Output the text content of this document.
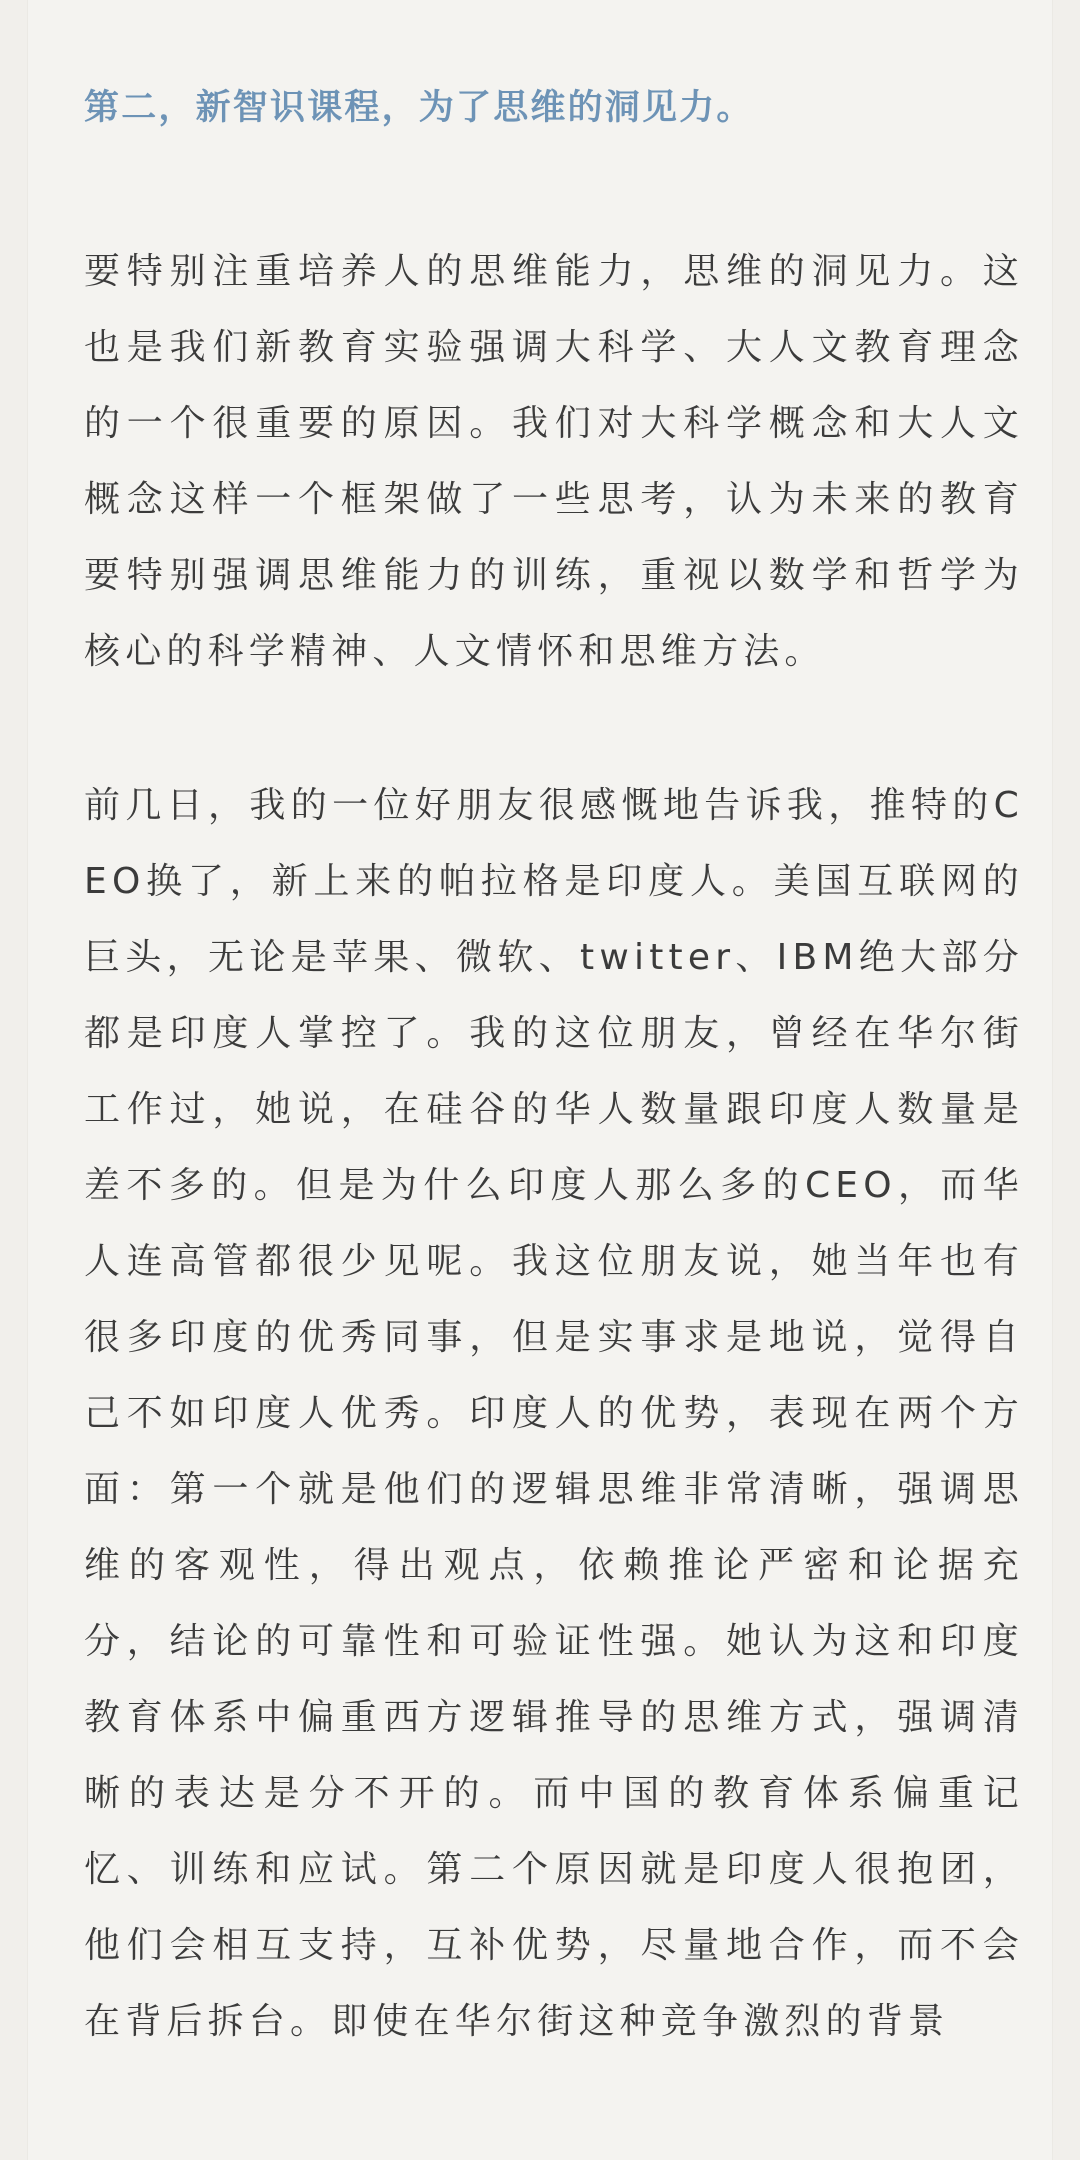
第二，新智识课程，为了思维的洞见力。

要特别注重培养人的思维能力，思维的洞见力。这也是我们新教育实验强调大科学、大人文教育理念的一个很重要的原因。我们对大科学概念和大人文概念这样一个框架做了一些思考，认为未来的教育要特别强调思维能力的训练，重视以数学和哲学为核心的科学精神、人文情怀和思维方法。

前几日，我的一位好朋友很感慨地告诉我，推特的CEO换了，新上来的帕拉格是印度人。美国互联网的巨头，无论是苹果、微软、twitter、IBM绝大部分都是印度人掌控了。我的这位朋友，曾经在华尔街工作过，她说，在硅谷的华人数量跟印度人数量是差不多的。但是为什么印度人那么多的CEO，而华人连高管都很少见呢。我这位朋友说，她当年也有很多印度的优秀同事，但是实事求是地说，觉得自己不如印度人优秀。印度人的优势，表现在两个方面：第一个就是他们的逻辑思维非常清晰，强调思维的客观性，得出观点，依赖推论严密和论据充分，结论的可靠性和可验证性强。她认为这和印度教育体系中偏重西方逻辑推导的思维方式，强调清晰的表达是分不开的。而中国的教育体系偏重记忆、训练和应试。第二个原因就是印度人很抱团，他们会相互支持，互补优势，尽量地合作，而不会在背后拆台。即使在华尔街这种竞争激烈的背景
